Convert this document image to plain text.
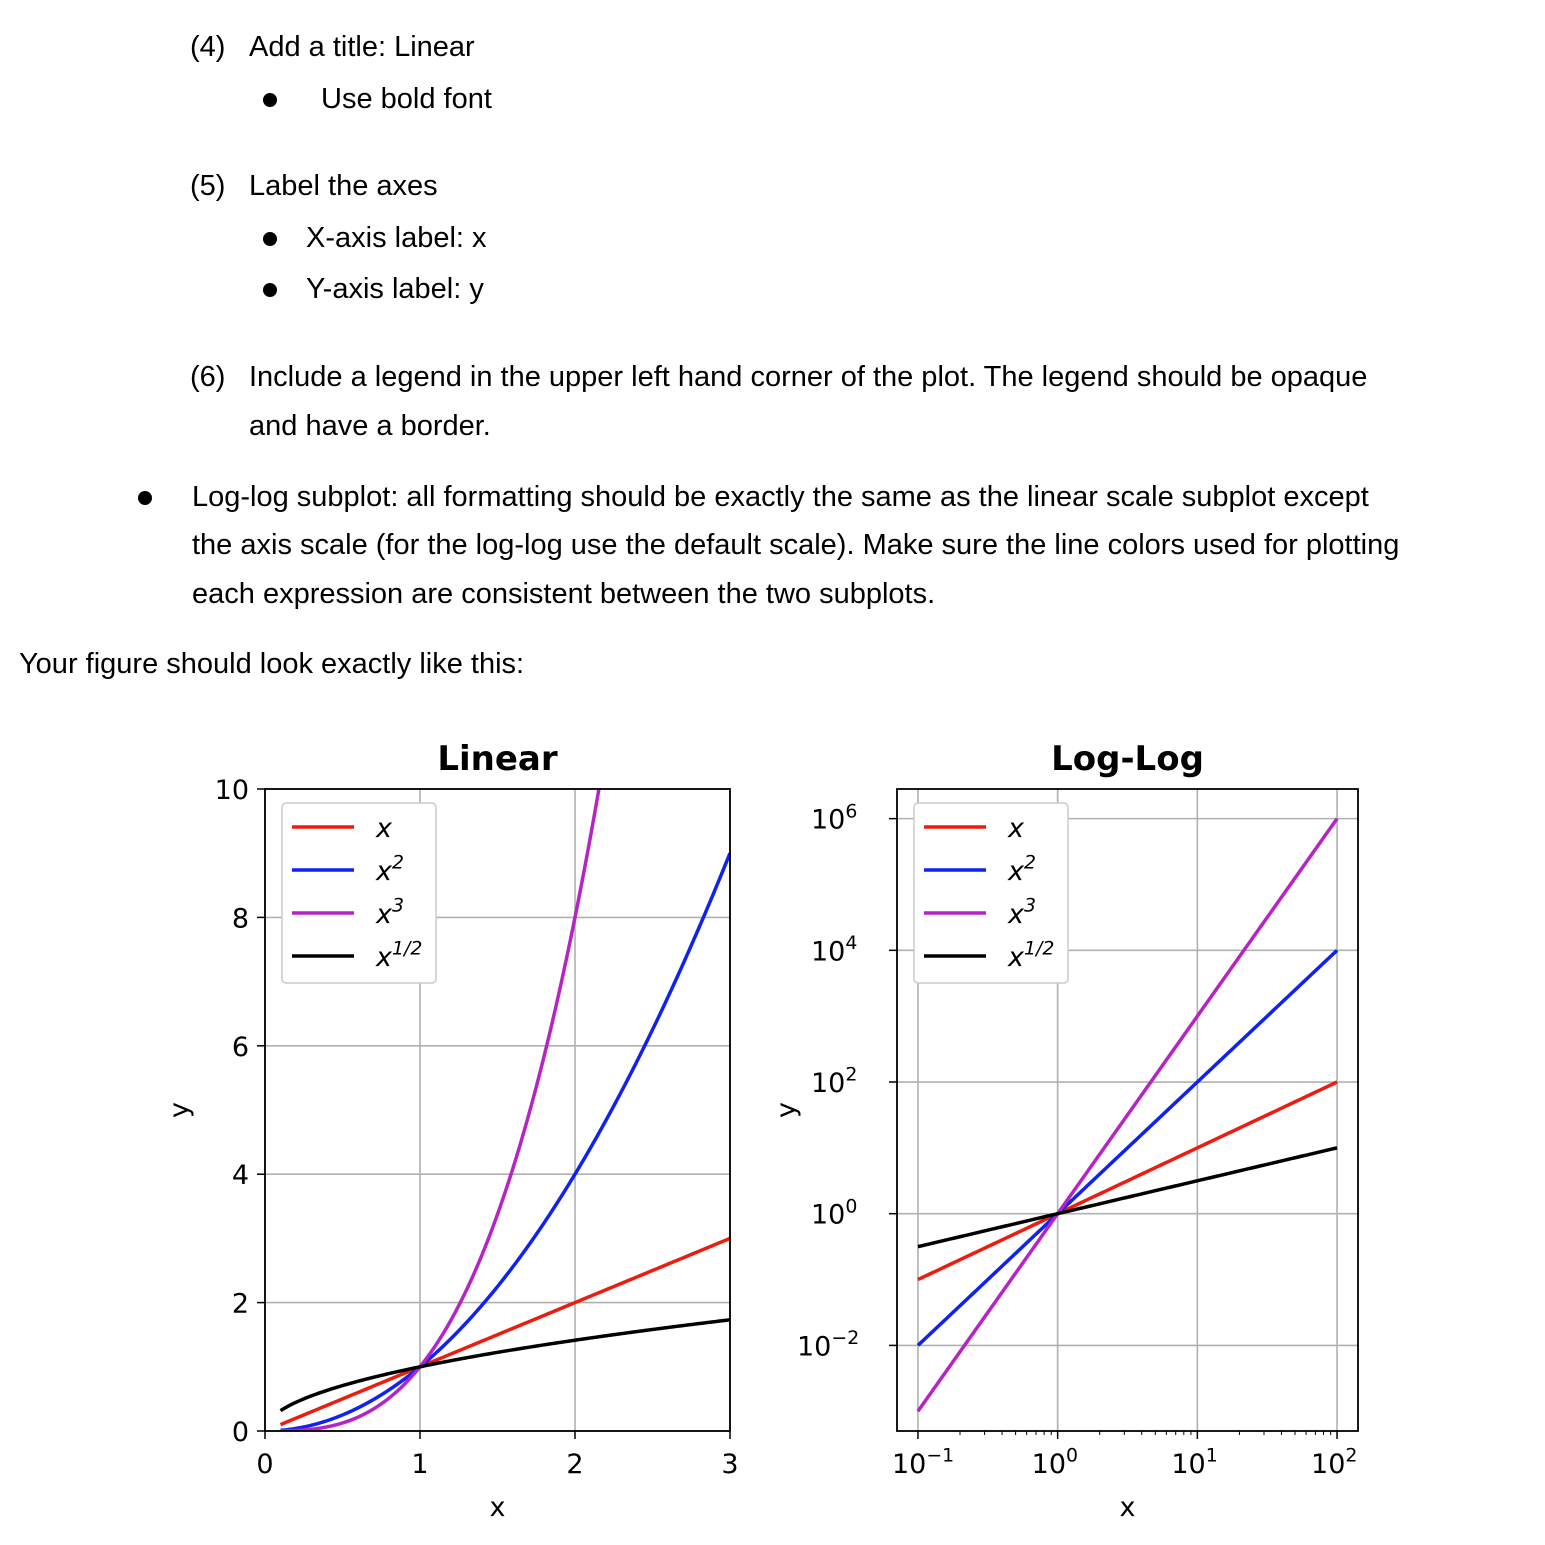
(4) Add a title: Linear
Use bold font
(5) Label the axes
X-axis label: x
Y-axis label: y
(6) Include a legend in the upper left hand corner of the plot. The legend should be opaque
and have a border.
Log-log subplot: all formatting should be exactly the same as the linear scale subplot except
the axis scale (for the log-log use the default scale). Make sure the line colors used for plotting
each expression are consistent between the two subplots.
Your figure should look exactly like this:
0	1	2	3
0
2
4
6
8
10
Linear
x
y
x
$x^2$
$x^3$
$x^{1/2}$
$10^{-1}$	$10^0$	$10^1$	$10^2$
$10^{-2}$
$10^0$
$10^2$
$10^4$
$10^6$
Log-Log
x
y
x
$x^2$
$x^3$
$x^{1/2}$
